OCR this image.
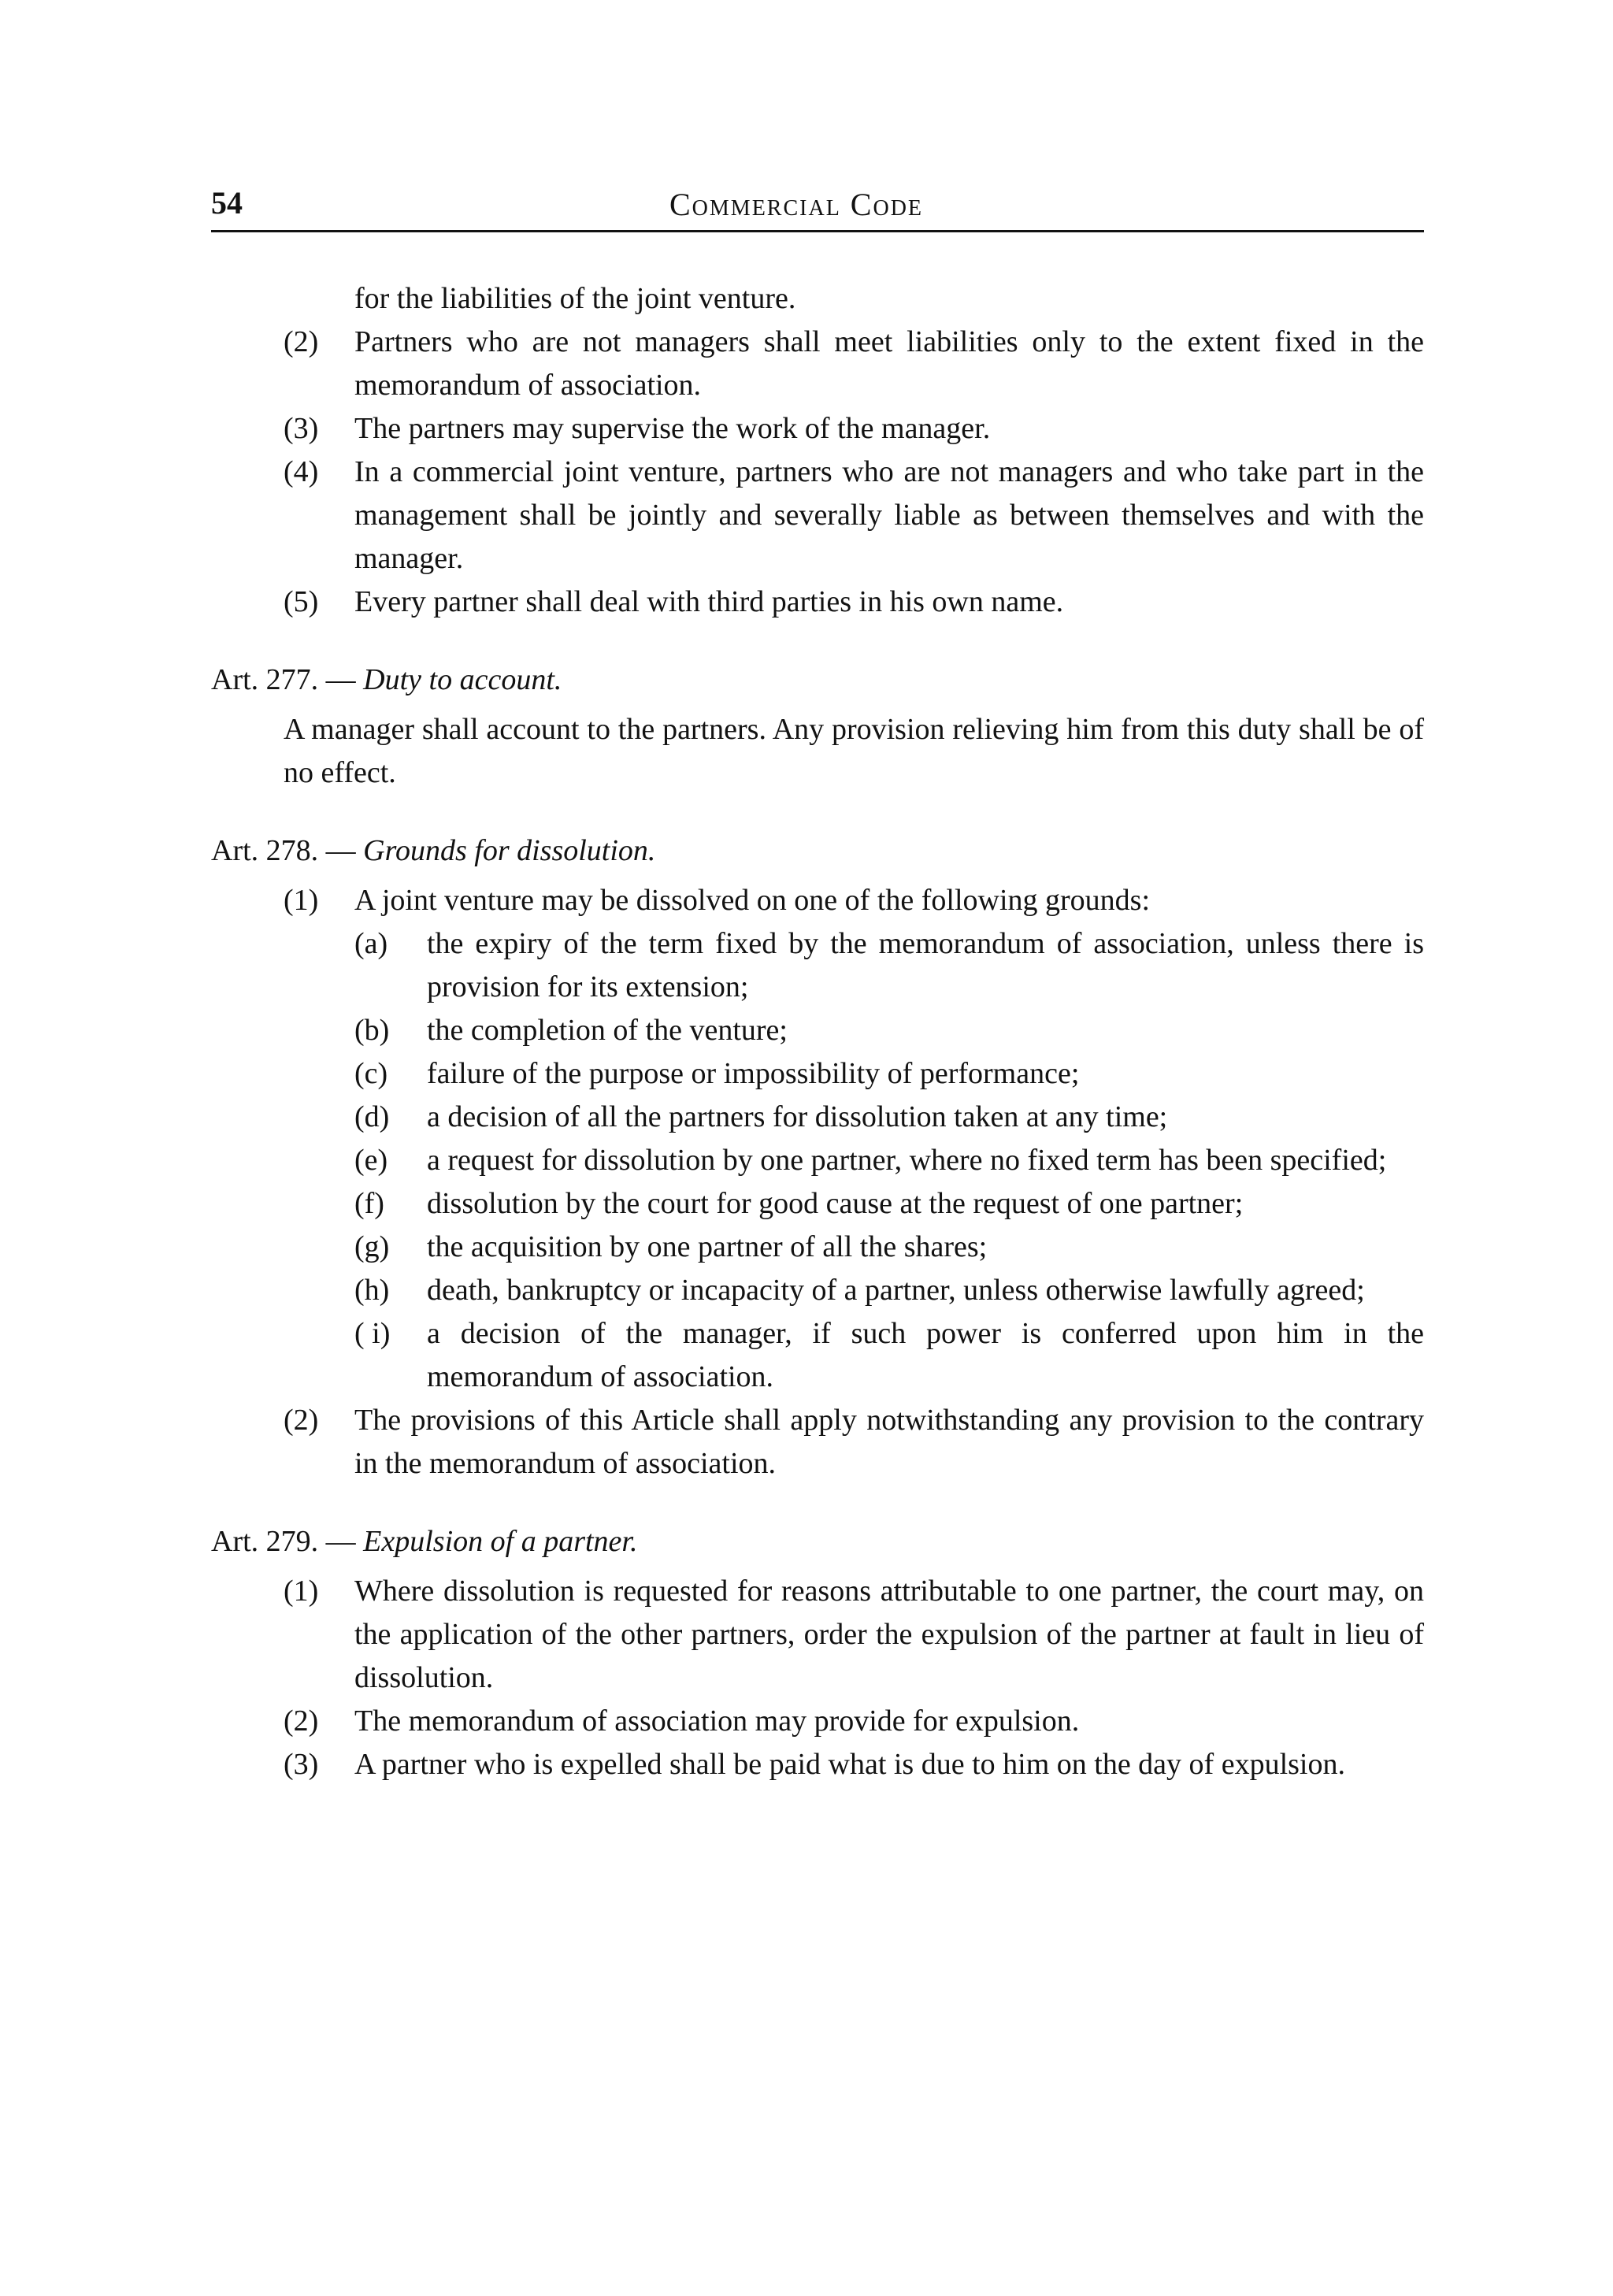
54	Commercial Code
for the liabilities of the joint venture.
(2) Partners who are not managers shall meet liabilities only to the extent fixed in the memorandum of association.
(3) The partners may supervise the work of the manager.
(4) In a commercial joint venture, partners who are not managers and who take part in the management shall be jointly and severally liable as between themselves and with the manager.
(5) Every partner shall deal with third parties in his own name.
Art. 277. — Duty to account.
A manager shall account to the partners. Any provision relieving him from this duty shall be of no effect.
Art. 278. — Grounds for dissolution.
(1) A joint venture may be dissolved on one of the following grounds:
(a) the expiry of the term fixed by the memorandum of association, unless there is provision for its extension;
(b) the completion of the venture;
(c) failure of the purpose or impossibility of performance;
(d) a decision of all the partners for dissolution taken at any time;
(e) a request for dissolution by one partner, where no fixed term has been specified;
(f) dissolution by the court for good cause at the request of one partner;
(g) the acquisition by one partner of all the shares;
(h) death, bankruptcy or incapacity of a partner, unless otherwise lawfully agreed;
( i) a decision of the manager, if such power is conferred upon him in the memorandum of association.
(2) The provisions of this Article shall apply notwithstanding any provision to the contrary in the memorandum of association.
Art. 279. — Expulsion of a partner.
(1) Where dissolution is requested for reasons attributable to one partner, the court may, on the application of the other partners, order the expulsion of the partner at fault in lieu of dissolution.
(2) The memorandum of association may provide for expulsion.
(3) A partner who is expelled shall be paid what is due to him on the day of expulsion.
